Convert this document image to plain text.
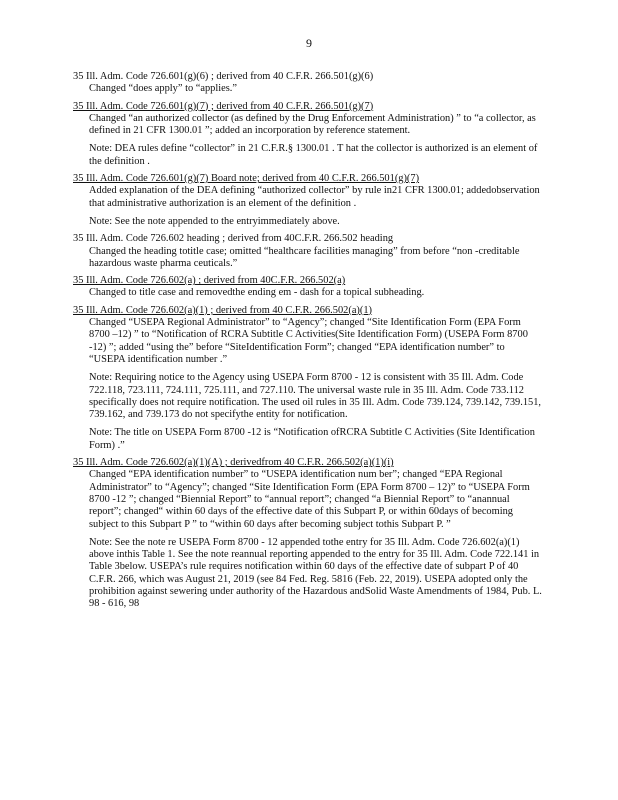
9

35 Ill. Adm. Code 726.601(g)(6) ; derived from 40 C.F.R. 266.501(g)(6)

Changed “does apply” to “applies.”

35 Ill. Adm. Code 726.601(g)(7) ; derived from 40 C.F.R. 266.501(g)(7)

Changed “an authorized collector (as defined by the Drug Enforcement Administration) ” to “a collector, as defined in 21 CFR 1300.01 ”; added an incorporation by reference statement.

Note: DEA rules define “collector” in 21 C.F.R.§ 1300.01 . T hat the collector is authorized is an element of the definition .

35 Ill. Adm. Code 726.601(g)(7) Board note; derived from 40 C.F.R. 266.501(g)(7)

Added explanation of the DEA defining “authorized collector” by rule in21 CFR 1300.01; addedobservation that administrative authorization is an element of the definition .

Note: See the note appended to the entryimmediately above.

35 Ill. Adm. Code 726.602 heading ; derived from 40C.F.R. 266.502 heading

Changed the heading totitle case; omitted “healthcare facilities managing” from before “non -creditable hazardous waste pharma ceuticals.”

35 Ill. Adm. Code 726.602(a) ; derived from 40C.F.R. 266.502(a)

Changed to title case and removedthe ending em - dash for a topical subheading.

35 Ill. Adm. Code 726.602(a)(1) ; derived from 40 C.F.R. 266.502(a)(1)

Changed “USEPA Regional Administrator” to “Agency”; changed “Site Identification Form (EPA Form 8700 –12) ” to “Notification of RCRA Subtitle C Activities(Site Identification Form) (USEPA Form 8700 -12) ”; added “using the” before “SiteIdentification Form”; changed “EPA identification number” to “USEPA identification number .”

Note: Requiring notice to the Agency using USEPA Form 8700 - 12 is consistent with 35 Ill. Adm. Code 722.118, 723.111, 724.111, 725.111, and 727.110. The universal waste rule in 35 Ill. Adm. Code 733.112 specifically does not require notification. The used oil rules in 35 Ill. Adm. Code 739.124, 739.142, 739.151, 739.162, and 739.173 do not specifythe entity for notification.

Note: The title on USEPA Form 8700 -12 is “Notification ofRCRA Subtitle C Activities (Site Identification Form) .”

35 Ill. Adm. Code 726.602(a)(1)(A) ; derivedfrom 40 C.F.R. 266.502(a)(1)(i)

Changed “EPA identification number” to “USEPA identification num ber”; changed “EPA Regional Administrator” to “Agency”; changed “Site Identification Form (EPA Form 8700 – 12)” to “USEPA Form 8700 -12 ”; changed “Biennial Report” to “annual report”; changed “a Biennial Report” to “anannual report”; changed“ within 60 days of the effective date of this Subpart P, or within 60days of becoming subject to this Subpart P ” to “within 60 days after becoming subject tothis Subpart P. ”

Note: See the note re USEPA Form 8700 - 12 appended tothe entry for 35 Ill. Adm. Code 726.602(a)(1) above inthis Table 1. See the note reannual reporting appended to the entry for 35 Ill. Adm. Code 722.141 in Table 3below. USEPA’s rule requires notification within 60 days of the effective date of subpart P of 40 C.F.R. 266, which was August 21, 2019 (see 84 Fed. Reg. 5816 (Feb. 22, 2019). USEPA adopted only the prohibition against sewering under authority of the Hazardous andSolid Waste Amendments of 1984, Pub. L. 98 - 616, 98
